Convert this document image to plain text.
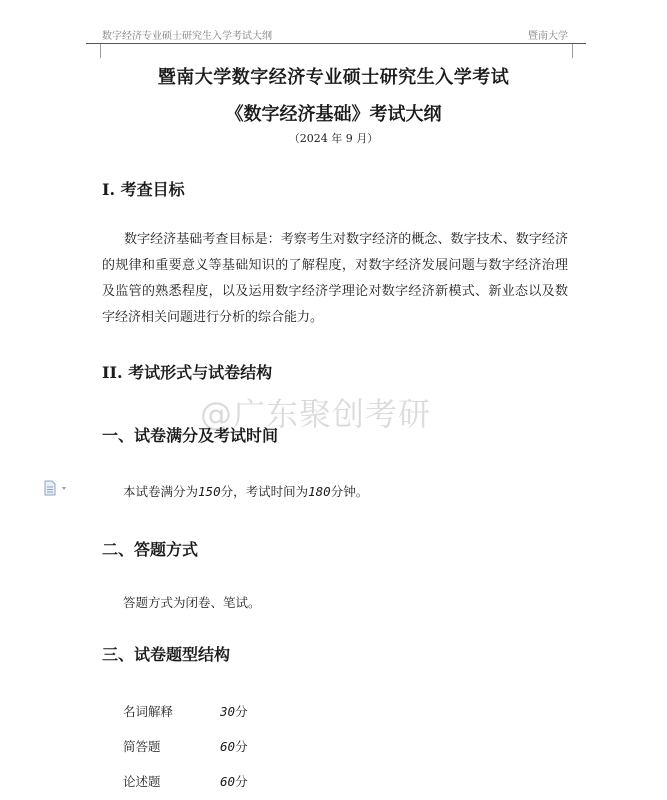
数字经济专业硕士研究生入学考试大纲	暨南大学
暨南大学数字经济专业硕士研究生入学考试
《数字经济基础》考试大纲
（2024 年 9 月）
I. 考查目标
数字经济基础考查目标是：考察考生对数字经济的概念、数字技术、数字经济的规律和重要意义等基础知识的了解程度，对数字经济发展问题与数字经济治理及监管的熟悉程度，以及运用数字经济学理论对数字经济新模式、新业态以及数字经济相关问题进行分析的综合能力。
II. 考试形式与试卷结构
@广东聚创考研
一、试卷满分及考试时间
本试卷满分为150分，考试时间为180分钟。
二、答题方式
答题方式为闭卷、笔试。
三、试卷题型结构
名词解释	30分
简答题	60分
论述题	60分
